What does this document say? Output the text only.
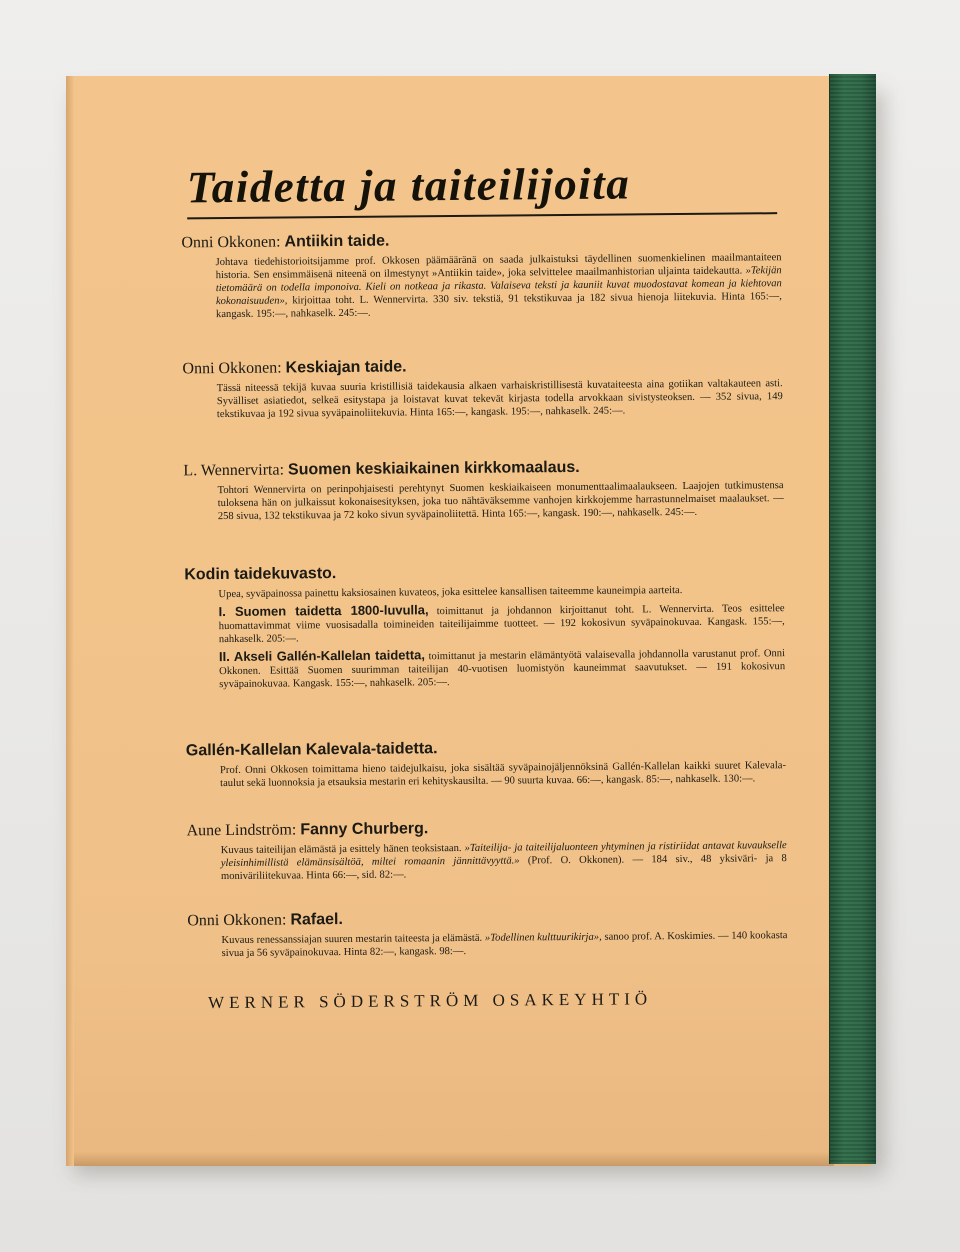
Taidetta ja taiteilijoita
Onni Okkonen: Antiikin taide.
Johtava tiedehistorioitsijamme prof. Okkosen päämääränä on saada julkaistuksi täydellinen suomenkielinen maailmantaiteen historia. Sen ensimmäisenä niteenä on ilmestynyt »Antiikin taide», joka selvittelee maailmanhistorian uljainta taidekautta. »Tekijän tietomäärä on todella imponoiva. Kieli on notkeaa ja rikasta. Valaiseva teksti ja kauniit kuvat muodostavat komean ja kiehtovan kokonaisuuden», kirjoittaa toht. L. Wennervirta. 330 siv. tekstiä, 91 tekstikuvaa ja 182 sivua hienoja liitekuvia. Hinta 165:—, kangask. 195:—, nahkaselk. 245:—.
Onni Okkonen: Keskiajan taide.
Tässä niteessä tekijä kuvaa suuria kristillisiä taidekausia alkaen varhaiskristillisestä kuvataiteesta aina gotiikan valtakauteen asti. Syvälliset asiatiedot, selkeä esitystapa ja loistavat kuvat tekevät kirjasta todella arvokkaan sivistysteoksen. — 352 sivua, 149 tekstikuvaa ja 192 sivua syväpainoliitekuvia. Hinta 165:—, kangask. 195:—, nahkaselk. 245:—.
L. Wennervirta: Suomen keskiaikainen kirkkomaalaus.
Tohtori Wennervirta on perinpohjaisesti perehtynyt Suomen keskiaikaiseen monumenttaalimaalaukseen. Laajojen tutkimustensa tuloksena hän on julkaissut kokonaisesityksen, joka tuo nähtäväksemme vanhojen kirkkojemme harrastunnelmaiset maalaukset. — 258 sivua, 132 tekstikuvaa ja 72 koko sivun syväpainoliitettä. Hinta 165:—, kangask. 190:—, nahkaselk. 245:—.
Kodin taidekuvasto.
Upea, syväpainossa painettu kaksiosainen kuvateos, joka esittelee kansallisen taiteemme kauneimpia aarteita.
I. Suomen taidetta 1800-luvulla, toimittanut ja johdannon kirjoittanut toht. L. Wennervirta. Teos esittelee huomattavimmat viime vuosisadalla toimineiden taiteilijaimme tuotteet. — 192 kokosivun syväpainokuvaa. Kangask. 155:—, nahkaselk. 205:—.
II. Akseli Gallén-Kallelan taidetta, toimittanut ja mestarin elämäntyötä valaisevalla johdannolla varustanut prof. Onni Okkonen. Esittää Suomen suurimman taiteilijan 40-vuotisen luomistyön kauneimmat saavutukset. — 191 kokosivun syväpainokuvaa. Kangask. 155:—, nahkaselk. 205:—.
Gallén-Kallelan Kalevala-taidetta.
Prof. Onni Okkosen toimittama hieno taidejulkaisu, joka sisältää syväpainojäljennöksinä Gallén-Kallelan kaikki suuret Kalevala-taulut sekä luonnoksia ja etsauksia mestarin eri kehityskausilta. — 90 suurta kuvaa. 66:—, kangask. 85:—, nahkaselk. 130:—.
Aune Lindström: Fanny Churberg.
Kuvaus taiteilijan elämästä ja esittely hänen teoksistaan. »Taiteilija- ja taiteilijaluonteen yhtyminen ja ristiriidat antavat kuvaukselle yleisinhimillistä elämänsisältöä, miltei romaanin jännittävyyttä.» (Prof. O. Okkonen). — 184 siv., 48 yksiväri- ja 8 moniväriliitekuvaa. Hinta 66:—, sid. 82:—.
Onni Okkonen: Rafael.
Kuvaus renessanssiajan suuren mestarin taiteesta ja elämästä. »Todellinen kulttuurikirja», sanoo prof. A. Koskimies. — 140 kookasta sivua ja 56 syväpainokuvaa. Hinta 82:—, kangask. 98:—.
WERNER SÖDERSTRÖM OSAKEYHTIÖ
